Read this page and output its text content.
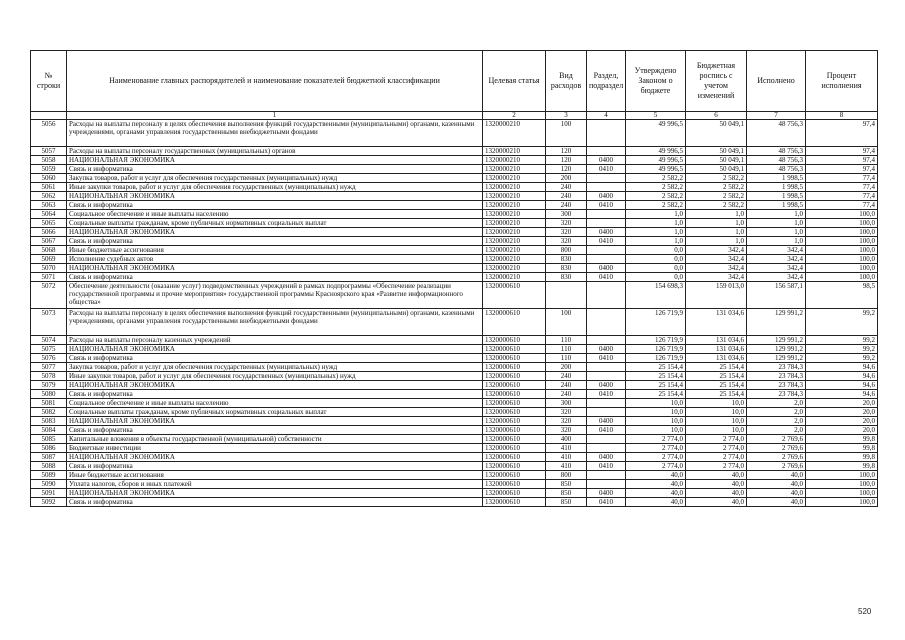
№ строки	Наименование главных распорядителей и наименование показателей бюджетной классификации	Целевая статья	Вид расходов	Раздел, подраздел	Утверждено Законом о бюджете	Бюджетная роспись с учетом изменений	Исполнено	Процент исполнения
	1	2	3	4	5	6	7	8
5056	Расходы на выплаты персоналу в целях обеспечения выполнения функций государственными (муниципальными) органами, казенными учреждениями, органами управления государственными внебюджетными фондами	1320000210	100		49 996,5	50 049,1	48 756,3	97,4
5057	Расходы на выплаты персоналу государственных (муниципальных) органов	1320000210	120		49 996,5	50 049,1	48 756,3	97,4
5058	НАЦИОНАЛЬНАЯ ЭКОНОМИКА	1320000210	120	0400	49 996,5	50 049,1	48 756,3	97,4
5059	Связь и информатика	1320000210	120	0410	49 996,5	50 049,1	48 756,3	97,4
5060	Закупка товаров, работ и услуг для обеспечения государственных (муниципальных) нужд	1320000210	200		2 582,2	2 582,2	1 998,5	77,4
5061	Иные закупки товаров, работ и услуг для обеспечения государственных (муниципальных) нужд	1320000210	240		2 582,2	2 582,2	1 998,5	77,4
5062	НАЦИОНАЛЬНАЯ ЭКОНОМИКА	1320000210	240	0400	2 582,2	2 582,2	1 998,5	77,4
5063	Связь и информатика	1320000210	240	0410	2 582,2	2 582,2	1 998,5	77,4
5064	Социальное обеспечение и иные выплаты населению	1320000210	300		1,0	1,0	1,0	100,0
5065	Социальные выплаты гражданам, кроме публичных нормативных социальных выплат	1320000210	320		1,0	1,0	1,0	100,0
5066	НАЦИОНАЛЬНАЯ ЭКОНОМИКА	1320000210	320	0400	1,0	1,0	1,0	100,0
5067	Связь и информатика	1320000210	320	0410	1,0	1,0	1,0	100,0
5068	Иные бюджетные ассигнования	1320000210	800		0,0	342,4	342,4	100,0
5069	Исполнение судебных актов	1320000210	830		0,0	342,4	342,4	100,0
5070	НАЦИОНАЛЬНАЯ ЭКОНОМИКА	1320000210	830	0400	0,0	342,4	342,4	100,0
5071	Связь и информатика	1320000210	830	0410	0,0	342,4	342,4	100,0
5072	Обеспечение деятельности (оказание услуг) подведомственных учреждений в рамках подпрограммы «Обеспечение реализации государственной программы и прочие мероприятия» государственной программы Красноярского края «Развитие информационного общества»	1320000610			154 698,3	159 013,0	156 587,1	98,5
5073	Расходы на выплаты персоналу в целях обеспечения выполнения функций государственными (муниципальными) органами, казенными учреждениями, органами управления государственными внебюджетными фондами	1320000610	100		126 719,9	131 034,6	129 991,2	99,2
5074	Расходы на выплаты персоналу казенных учреждений	1320000610	110		126 719,9	131 034,6	129 991,2	99,2
5075	НАЦИОНАЛЬНАЯ ЭКОНОМИКА	1320000610	110	0400	126 719,9	131 034,6	129 991,2	99,2
5076	Связь и информатика	1320000610	110	0410	126 719,9	131 034,6	129 991,2	99,2
5077	Закупка товаров, работ и услуг для обеспечения государственных (муниципальных) нужд	1320000610	200		25 154,4	25 154,4	23 784,3	94,6
5078	Иные закупки товаров, работ и услуг для обеспечения государственных (муниципальных) нужд	1320000610	240		25 154,4	25 154,4	23 784,3	94,6
5079	НАЦИОНАЛЬНАЯ ЭКОНОМИКА	1320000610	240	0400	25 154,4	25 154,4	23 784,3	94,6
5080	Связь и информатика	1320000610	240	0410	25 154,4	25 154,4	23 784,3	94,6
5081	Социальное обеспечение и иные выплаты населению	1320000610	300		10,0	10,0	2,0	20,0
5082	Социальные выплаты гражданам, кроме публичных нормативных социальных выплат	1320000610	320		10,0	10,0	2,0	20,0
5083	НАЦИОНАЛЬНАЯ ЭКОНОМИКА	1320000610	320	0400	10,0	10,0	2,0	20,0
5084	Связь и информатика	1320000610	320	0410	10,0	10,0	2,0	20,0
5085	Капитальные вложения в объекты государственной (муниципальной) собственности	1320000610	400		2 774,0	2 774,0	2 769,6	99,8
5086	Бюджетные инвестиции	1320000610	410		2 774,0	2 774,0	2 769,6	99,8
5087	НАЦИОНАЛЬНАЯ ЭКОНОМИКА	1320000610	410	0400	2 774,0	2 774,0	2 769,6	99,8
5088	Связь и информатика	1320000610	410	0410	2 774,0	2 774,0	2 769,6	99,8
5089	Иные бюджетные ассигнования	1320000610	800		40,0	40,0	40,0	100,0
5090	Уплата налогов, сборов и иных платежей	1320000610	850		40,0	40,0	40,0	100,0
5091	НАЦИОНАЛЬНАЯ ЭКОНОМИКА	1320000610	850	0400	40,0	40,0	40,0	100,0
5092	Связь и информатика	1320000610	850	0410	40,0	40,0	40,0	100,0
520
